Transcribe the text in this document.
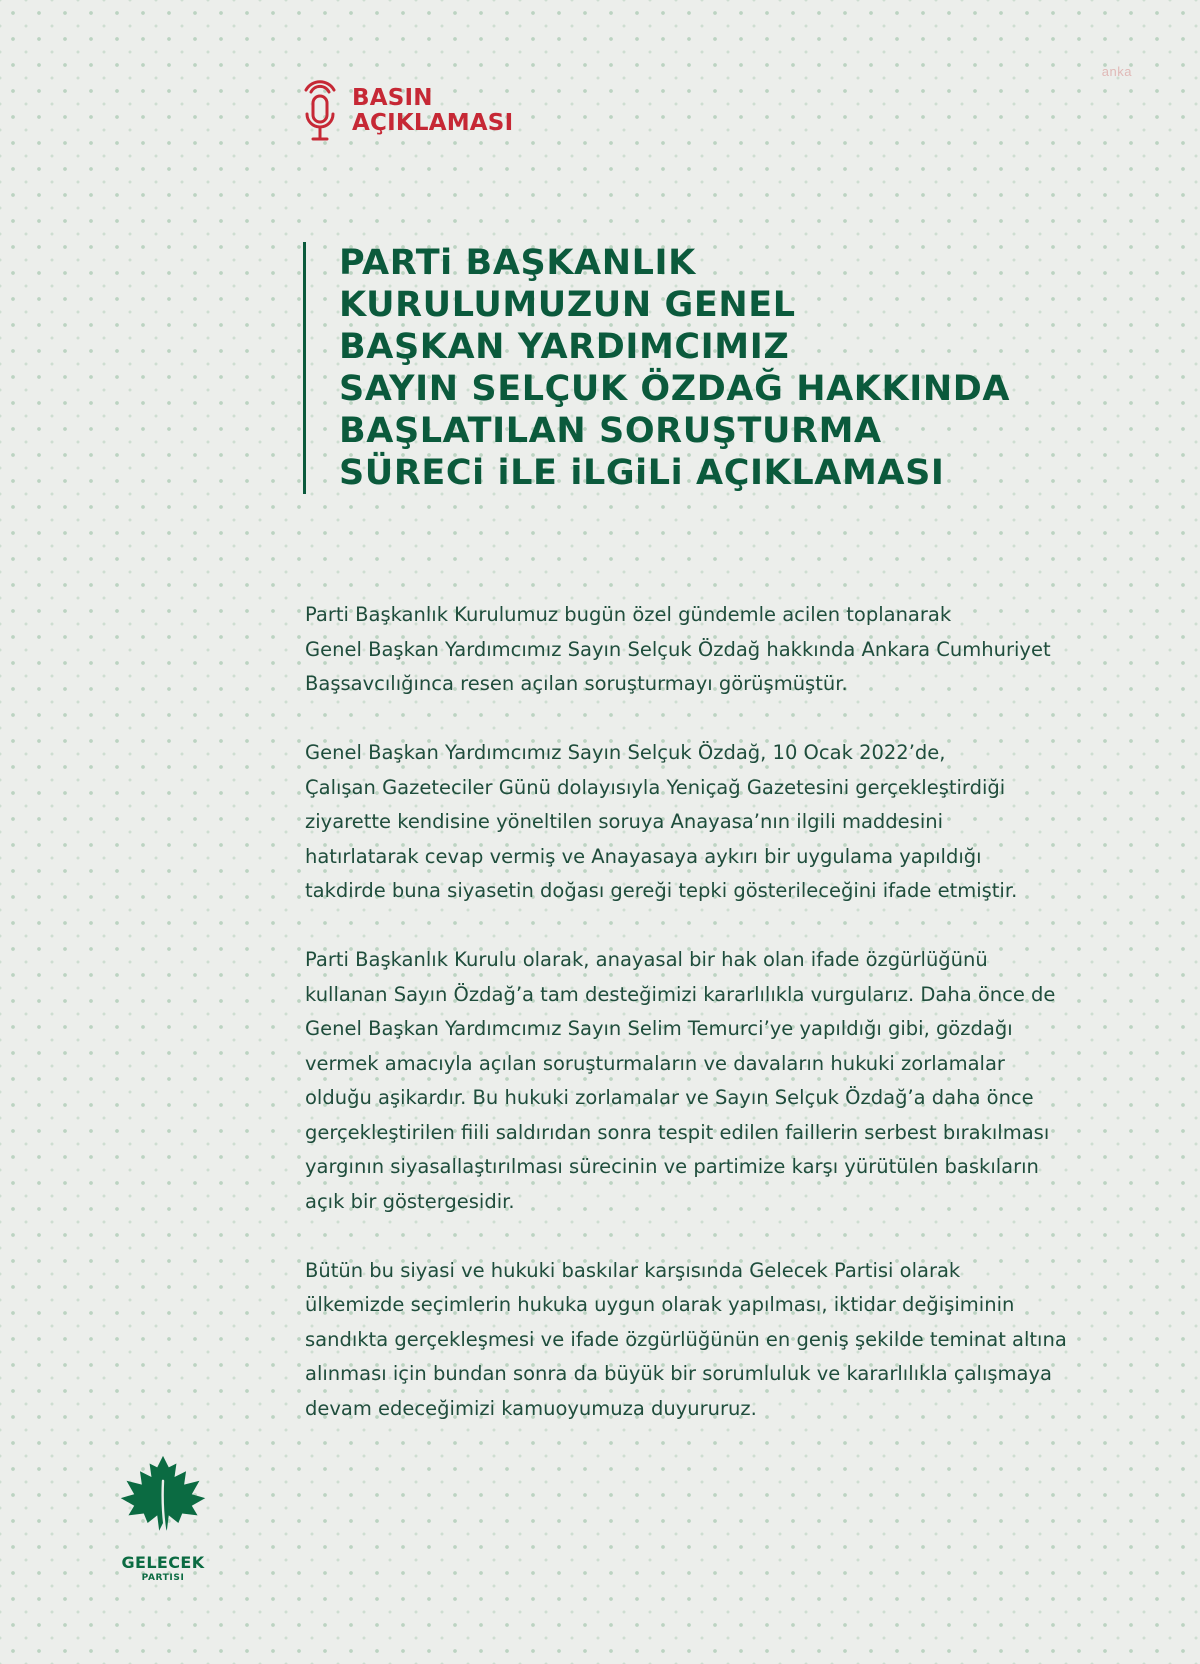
anka
BASIN
AÇIKLAMASI
PARTi BAŞKANLIK
KURULUMUZUN GENEL
BAŞKAN YARDIMCIMIZ
SAYIN SELÇUK ÖZDAĞ HAKKINDA
BAŞLATILAN SORUŞTURMA
SÜRECi iLE iLGiLi AÇIKLAMASI

Parti Başkanlık Kurulumuz bugün özel gündemle acilen toplanarak
Genel Başkan Yardımcımız Sayın Selçuk Özdağ hakkında Ankara Cumhuriyet
Başsavcılığınca resen açılan soruşturmayı görüşmüştür.

Genel Başkan Yardımcımız Sayın Selçuk Özdağ, 10 Ocak 2022’de,
Çalışan Gazeteciler Günü dolayısıyla Yeniçağ Gazetesini gerçekleştirdiği
ziyarette kendisine yöneltilen soruya Anayasa’nın ilgili maddesini
hatırlatarak cevap vermiş ve Anayasaya aykırı bir uygulama yapıldığı
takdirde buna siyasetin doğası gereği tepki gösterileceğini ifade etmiştir.

Parti Başkanlık Kurulu olarak, anayasal bir hak olan ifade özgürlüğünü
kullanan Sayın Özdağ’a tam desteğimizi kararlılıkla vurgularız. Daha önce de
Genel Başkan Yardımcımız Sayın Selim Temurci’ye yapıldığı gibi, gözdağı
vermek amacıyla açılan soruşturmaların ve davaların hukuki zorlamalar
olduğu aşikardır. Bu hukuki zorlamalar ve Sayın Selçuk Özdağ’a daha önce
gerçekleştirilen fiili saldırıdan sonra tespit edilen faillerin serbest bırakılması
yargının siyasallaştırılması sürecinin ve partimize karşı yürütülen baskıların
açık bir göstergesidir.

Bütün bu siyasi ve hukuki baskılar karşısında Gelecek Partisi olarak
ülkemizde seçimlerin hukuka uygun olarak yapılması, iktidar değişiminin
sandıkta gerçekleşmesi ve ifade özgürlüğünün en geniş şekilde teminat altına
alınması için bundan sonra da büyük bir sorumluluk ve kararlılıkla çalışmaya
devam edeceğimizi kamuoyumuza duyururuz.

GELECEK
PARTISI
